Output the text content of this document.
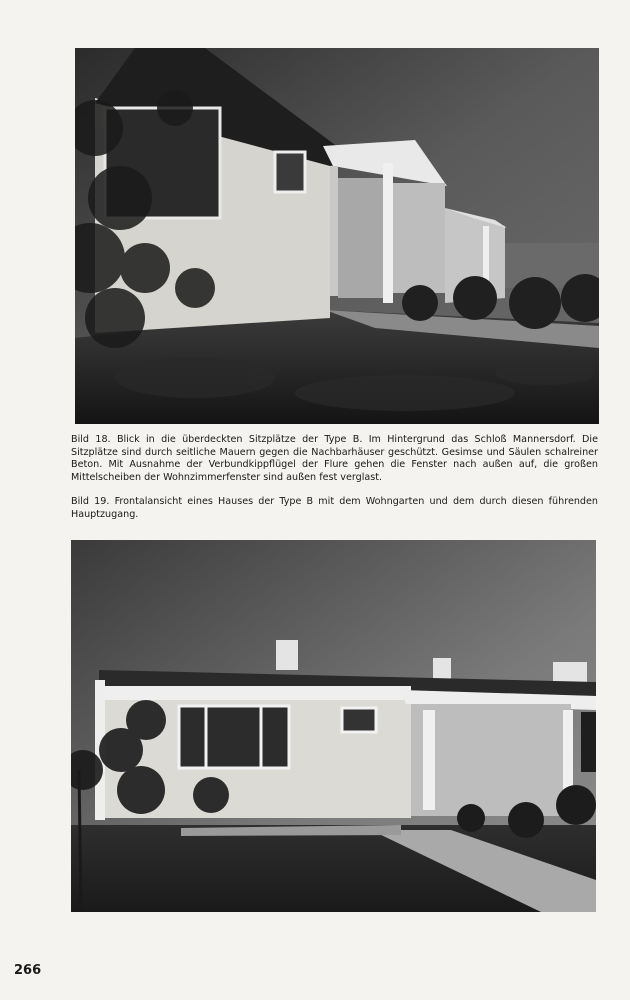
Bild 18. Blick in die überdeckten Sitzplätze der Type B. Im Hintergrund das Schloß Mannersdorf. Die Sitzplätze sind durch seitliche Mauern gegen die Nachbarhäuser geschützt. Gesimse und Säulen schalreiner Beton. Mit Ausnahme der Verbundkippflügel der Flure gehen die Fenster nach außen auf, die großen Mittelscheiben der Wohnzimmerfenster sind außen fest verglast.

Bild 19. Frontalansicht eines Hauses der Type B mit dem Wohngarten und dem durch diesen führenden Hauptzugang.

266
